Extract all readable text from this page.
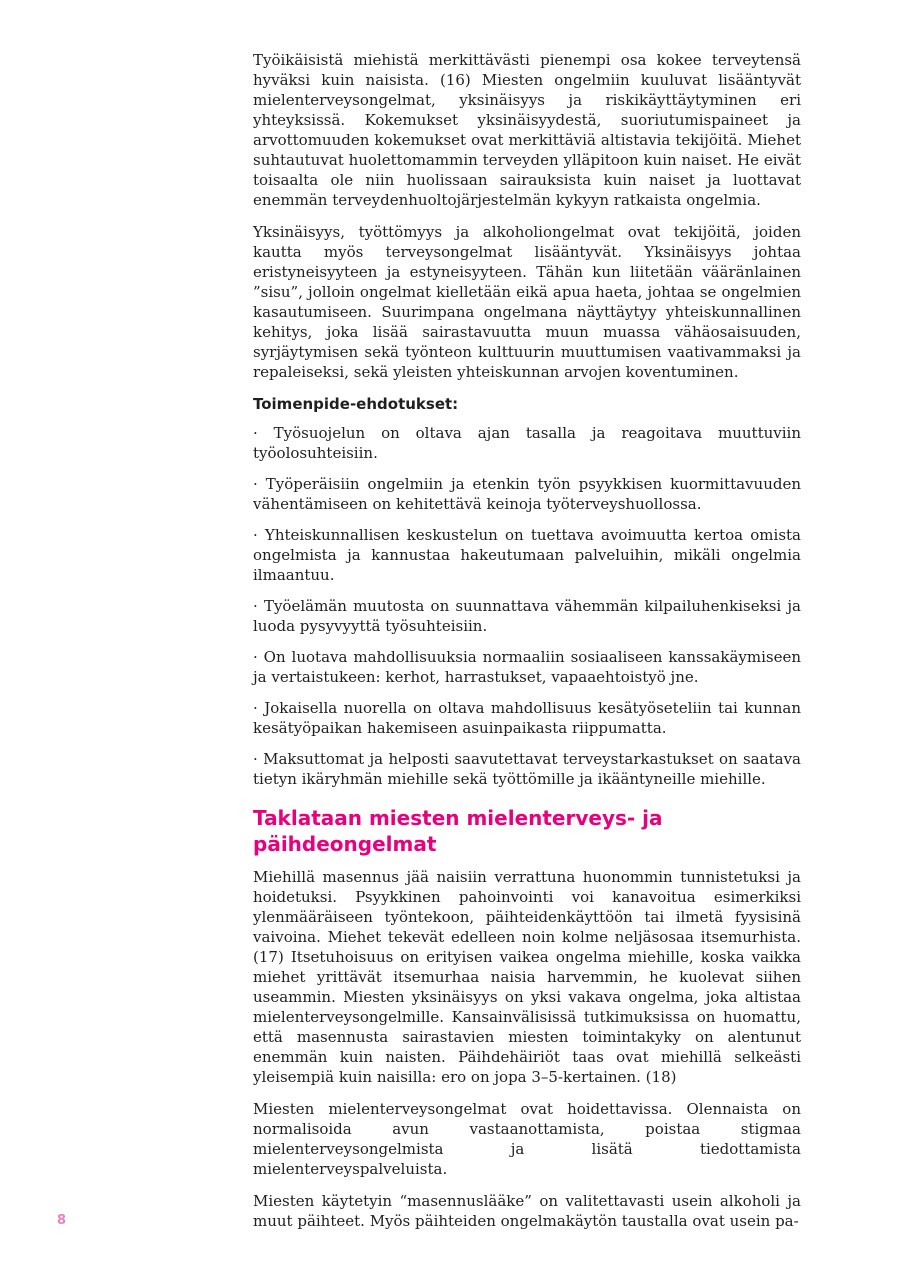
Työikäisistä miehistä merkittävästi pienempi osa kokee terveytensä hyväksi kuin naisista. (16) Miesten ongelmiin kuuluvat lisääntyvät mielenterveysongelmat, yksinäisyys ja riskikäyttäytyminen eri yhteyksissä. Kokemukset yksinäisyydestä, suoriutumispaineet ja arvottomuuden kokemukset ovat merkittäviä altistavia tekijöitä. Miehet suhtautuvat huolettomammin terveyden ylläpitoon kuin naiset. He eivät toisaalta ole niin huolissaan sairauksista kuin naiset ja luottavat enemmän terveydenhuoltojärjestelmän kykyyn ratkaista ongelmia.

Yksinäisyys, työttömyys ja alkoholiongelmat ovat tekijöitä, joiden kautta myös terveysongelmat lisääntyvät. Yksinäisyys johtaa eristyneisyyteen ja estyneisyyteen. Tähän kun liitetään vääränlainen ”sisu”, jolloin ongelmat kielletään eikä apua haeta, johtaa se ongelmien kasautumiseen. Suurimpana ongelmana näyttäytyy yhteiskunnallinen kehitys, joka lisää sairastavuutta muun muassa vähäosaisuuden, syrjäytymisen sekä työnteon kulttuurin muuttumisen vaativammaksi ja repaleiseksi, sekä yleisten yhteiskunnan arvojen koventuminen.

Toimenpide-ehdotukset:

· Työsuojelun on oltava ajan tasalla ja reagoitava muuttuviin työolosuhteisiin.

· Työperäisiin ongelmiin ja etenkin työn psyykkisen kuormittavuuden vähentämiseen on kehitettävä keinoja työterveyshuollossa.

· Yhteiskunnallisen keskustelun on tuettava avoimuutta kertoa omista ongelmista ja kannustaa hakeutumaan palveluihin, mikäli ongelmia ilmaantuu.

· Työelämän muutosta on suunnattava vähemmän kilpailuhenkiseksi ja luoda pysyvyyttä työsuhteisiin.

· On luotava mahdollisuuksia normaaliin sosiaaliseen kanssakäymiseen ja vertaistukeen: kerhot, harrastukset, vapaaehtoistyö jne.

· Jokaisella nuorella on oltava mahdollisuus kesätyöseteliin tai kunnan kesätyöpaikan hakemiseen asuinpaikasta riippumatta.

· Maksuttomat ja helposti saavutettavat terveystarkastukset on saatava tietyn ikäryhmän miehille sekä työttömille ja ikääntyneille miehille.

Taklataan miesten mielenterveys- ja
päihdeongelmat

Miehillä masennus jää naisiin verrattuna huonommin tunnistetuksi ja hoidetuksi. Psyykkinen pahoinvointi voi kanavoitua esimerkiksi ylenmääräiseen työntekoon, päihteidenkäyttöön tai ilmetä fyysisinä vaivoina. Miehet tekevät edelleen noin kolme neljäsosaa itsemurhista. (17) Itsetuhoisuus on erityisen vaikea ongelma miehille, koska vaikka miehet yrittävät itsemurhaa naisia harvemmin, he kuolevat siihen useammin. Miesten yksinäisyys on yksi vakava ongelma, joka altistaa mielenterveysongelmille. Kansainvälisissä tutkimuksissa on huomattu, että masennusta sairastavien miesten toimintakyky on alentunut enemmän kuin naisten. Päihdehäiriöt taas ovat miehillä selkeästi yleisempiä kuin naisilla: ero on jopa 3–5-kertainen. (18)

Miesten mielenterveysongelmat ovat hoidettavissa. Olennaista on normalisoida avun vastaanottamista, poistaa stigmaa mielenterveysongelmista ja lisätä tiedottamista mielenterveyspalveluista.

Miesten käytetyin “masennuslääke” on valitettavasti usein alkoholi ja muut päihteet. Myös päihteiden ongelmakäytön taustalla ovat usein pa-

8
